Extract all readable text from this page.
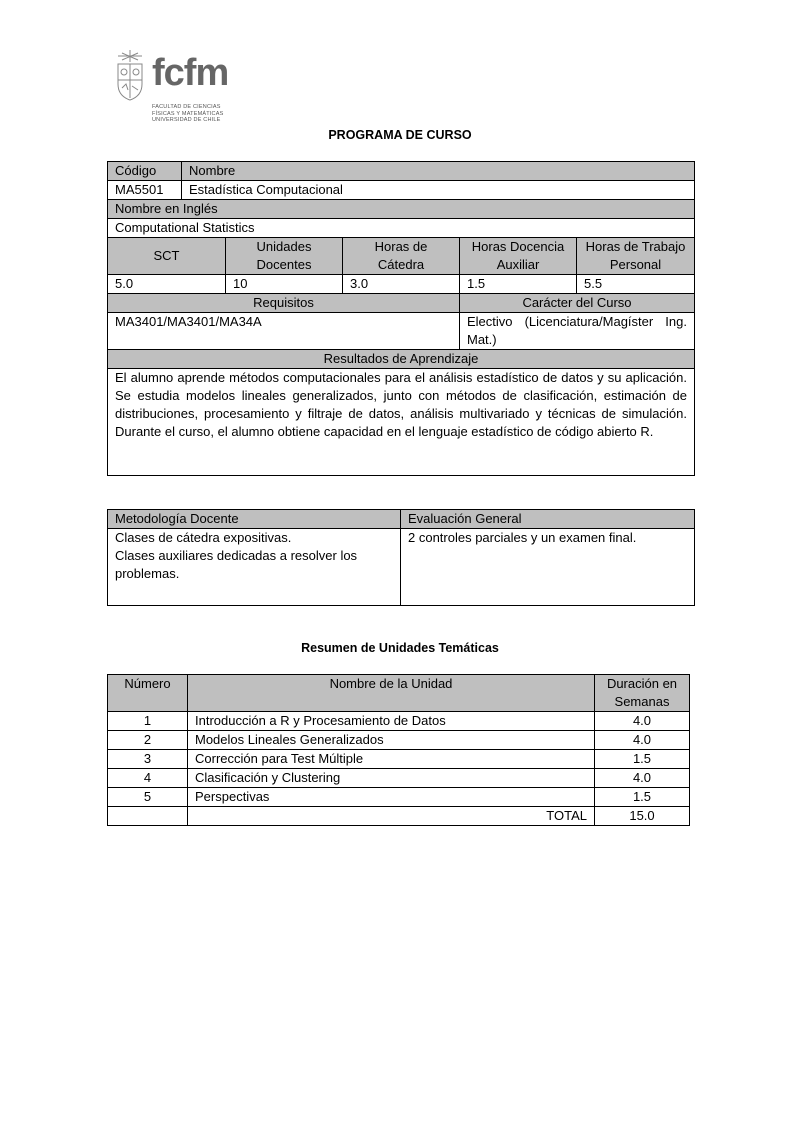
fcfm
FACULTAD DE CIENCIAS
FÍSICAS Y MATEMÁTICAS
UNIVERSIDAD DE CHILE
PROGRAMA DE CURSO
Código	Nombre				
MA5501	Estadística Computacional				
Nombre en Inglés					
Computational Statistics					
SCT		Unidades Docentes	Horas de Cátedra	Horas Docencia Auxiliar	Horas de Trabajo Personal
5.0		10	3.0	1.5	5.5
Requisitos				Carácter del Curso	
MA3401/MA3401/MA34A				Electivo (Licenciatura/Magíster Ing. Mat.)	
Resultados de Aprendizaje					
El alumno aprende métodos computacionales para el análisis estadístico de datos y su aplicación. Se estudia modelos lineales generalizados, junto con métodos de clasificación, estimación de distribuciones, procesamiento y filtraje de datos, análisis multivariado y técnicas de simulación. Durante el curso, el alumno obtiene capacidad en el lenguaje estadístico de código abierto R.					
Metodología Docente	Evaluación General

Clases de cátedra expositivas.
Clases auxiliares dedicadas a resolver los problemas.	2 controles parciales y un examen final.
Resumen de Unidades Temáticas
Número	Nombre de la Unidad	Duración en Semanas
1	Introducción a R y Procesamiento de Datos	4.0
2	Modelos Lineales Generalizados	4.0
3	Corrección para Test Múltiple	1.5
4	Clasificación y Clustering	4.0
5	Perspectivas	1.5
	TOTAL	15.0
